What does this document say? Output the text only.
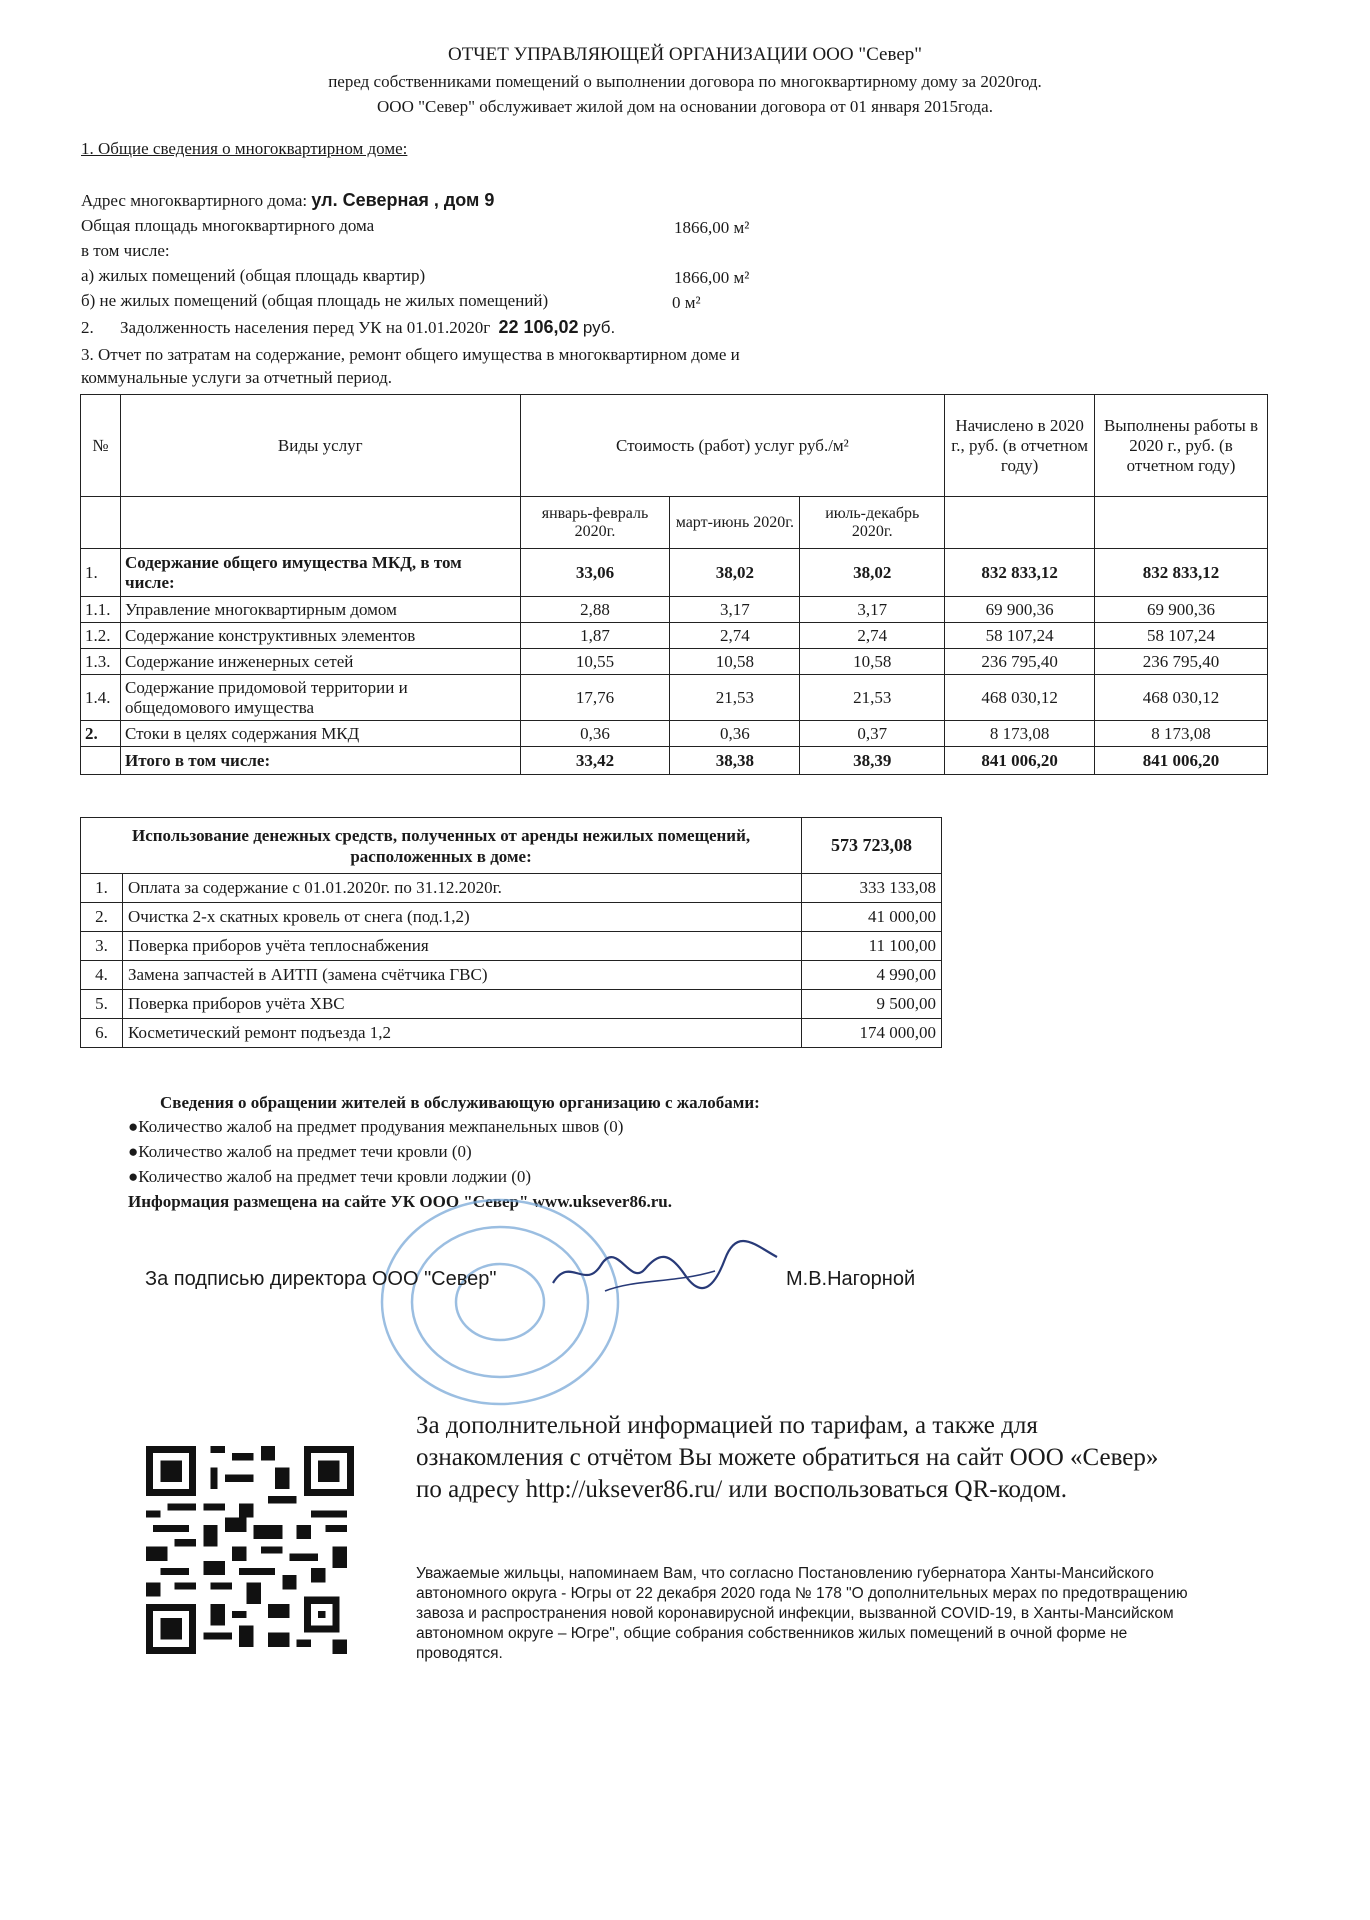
ОТЧЕТ УПРАВЛЯЮЩЕЙ ОРГАНИЗАЦИИ ООО "Север"
перед собственниками помещений о выполнении договора по многоквартирному дому за 2020год.
ООО "Север" обслуживает жилой дом на основании договора от 01 января 2015года.
1. Общие сведения о многоквартирном доме:
Адрес многоквартирного дома: ул. Северная , дом 9
Общая площадь многоквартирного дома	1866,00 м²
в том числе:
а) жилых помещений (общая площадь квартир)	1866,00 м²
б) не жилых помещений (общая площадь не жилых помещений)	0 м²
2. Задолженность населения перед УК на 01.01.2020г 22 106,02 руб.
3. Отчет по затратам на содержание, ремонт общего имущества в многоквартирном доме и
коммунальные услуги за отчетный период.
№	Виды услуг	Стоимость (работ) услуг руб./м²			Начислено в 2020 г., руб. (в отчетном году)	Выполнены работы в 2020 г., руб. (в отчетном году)
		январь-февраль 2020г.	март-июнь 2020г.	июль-декабрь 2020г.		
1.	Содержание общего имущества МКД, в том числе:	33,06	38,02	38,02	832 833,12	832 833,12
1.1.	Управление многоквартирным домом	2,88	3,17	3,17	69 900,36	69 900,36
1.2.	Содержание конструктивных элементов	1,87	2,74	2,74	58 107,24	58 107,24
1.3.	Содержание инженерных сетей	10,55	10,58	10,58	236 795,40	236 795,40
1.4.	Содержание придомовой территории и общедомового имущества	17,76	21,53	21,53	468 030,12	468 030,12
2.	Стоки в целях содержания МКД	0,36	0,36	0,37	8 173,08	8 173,08
	Итого в том числе:	33,42	38,38	38,39	841 006,20	841 006,20
Использование денежных средств, полученных от аренды нежилых помещений, расположенных в доме:		573 723,08
1.	Оплата за содержание с 01.01.2020г. по 31.12.2020г.	333 133,08
2.	Очистка 2-х скатных кровель от снега (под.1,2)	41 000,00
3.	Поверка приборов учёта теплоснабжения	11 100,00
4.	Замена запчастей в АИТП (замена счётчика ГВС)	4 990,00
5.	Поверка приборов учёта ХВС	9 500,00
6.	Косметический ремонт подъезда 1,2	174 000,00
Сведения о обращении жителей в обслуживающую организацию с жалобами:
●Количество жалоб на предмет продувания межпанельных швов (0)
●Количество жалоб на предмет течи кровли (0)
●Количество жалоб на предмет течи кровли лоджии (0)
Информация размещена на сайте УК ООО "Север" www.uksever86.ru.
За подписью директора ООО "Север"	М.В.Нагорной
За дополнительной информацией по тарифам, а также для ознакомления с отчётом Вы можете обратиться на сайт ООО «Север» по адресу http://uksever86.ru/ или воспользоваться QR-кодом.
Уважаемые жильцы, напоминаем Вам, что согласно Постановлению губернатора Ханты-Мансийского автономного округа - Югры от 22 декабря 2020 года № 178 "О дополнительных мерах по предотвращению завоза и распространения новой коронавирусной инфекции, вызванной COVID-19, в Ханты-Мансийском автономном округе – Югре", общие собрания собственников жилых помещений в очной форме не проводятся.
